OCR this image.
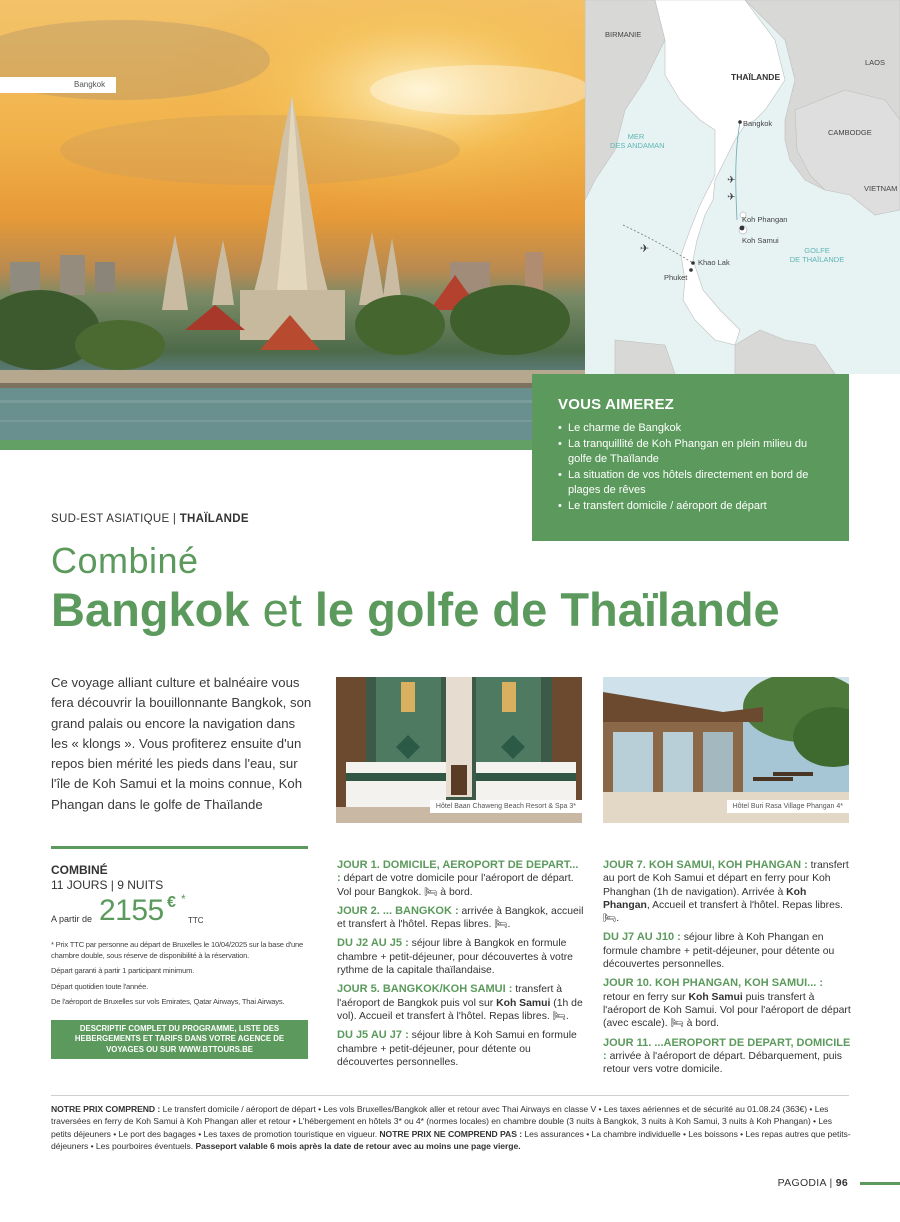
Bangkok
✈
✈
✈
BIRMANIE
THAÏLANDE
LAOS
CAMBODGE
VIETNAM
MER
DES ANDAMAN
GOLFE
DE THAÏLANDE
Bangkok
Koh Phangan
Koh Samui
Khao Lak
Phuket
VOUS AIMEREZ
• Le charme de Bangkok
• La tranquillité de Koh Phangan en plein milieu du golfe de Thaïlande
• La situation de vos hôtels directement en bord de plages de rêves
• Le transfert domicile / aéroport de départ
SUD-EST ASIATIQUE | THAÏLANDE
Combiné
Bangkok et le golfe de Thaïlande
Ce voyage alliant culture et balnéaire vous fera découvrir la bouillonnante Bangkok, son grand palais ou encore la navigation dans les « klongs ». Vous profiterez ensuite d'un repos bien mérité les pieds dans l'eau, sur l'île de Koh Samui et la moins connue, Koh Phangan dans le golfe de Thaïlande	Hôtel Baan Chaweng Beach Resort & Spa 3*	Hôtel Buri Rasa Village Phangan 4*
COMBINÉ
11 JOURS | 9 NUITS
A partir de 2155 € *
TTC
* Prix TTC par personne au départ de Bruxelles le 10/04/2025 sur la base d'une chambre double, sous réserve de disponibilité à la réservation.
Départ garanti à partir 1 participant minimum.
Départ quotidien toute l'année.
De l'aéroport de Bruxelles sur vols Emirates, Qatar Airways, Thai Airways.
DESCRIPTIF COMPLET DU PROGRAMME, LISTE DES HEBERGEMENTS ET TARIFS DANS VOTRE AGENCE DE VOYAGES OU SUR WWW.BTTOURS.BE

JOUR 1. DOMICILE, AEROPORT DE DEPART... : départ de votre domicile pour l'aéroport de départ. Vol pour Bangkok. 🛏 à bord.

JOUR 2. ... BANGKOK : arrivée à Bangkok, accueil et transfert à l'hôtel. Repas libres. 🛏.

DU J2 AU J5 : séjour libre à Bangkok en formule chambre + petit-déjeuner, pour découvertes à votre rythme de la capitale thaïlandaise.

JOUR 5. BANGKOK/KOH SAMUI : transfert à l'aéroport de Bangkok puis vol sur Koh Samui (1h de vol). Accueil et transfert à l'hôtel. Repas libres. 🛏.

DU J5 AU J7 : séjour libre à Koh Samui en formule chambre + petit-déjeuner, pour détente ou découvertes personnelles.

JOUR 7. KOH SAMUI, KOH PHANGAN : transfert au port de Koh Samui et départ en ferry pour Koh Phanghan (1h de navigation). Arrivée à Koh Phangan, Accueil et transfert à l'hôtel. Repas libres. 🛏.

DU J7 AU J10 : séjour libre à Koh Phangan en formule chambre + petit-déjeuner, pour détente ou découvertes personnelles.

JOUR 10. KOH PHANGAN, KOH SAMUI... : retour en ferry sur Koh Samui puis transfert à l'aéroport de Koh Samui. Vol pour l'aéroport de départ (avec escale). 🛏 à bord.

JOUR 11. ...AEROPORT DE DEPART, DOMICILE : arrivée à l'aéroport de départ. Débarquement, puis retour vers votre domicile.

NOTRE PRIX COMPREND : Le transfert domicile / aéroport de départ • Les vols Bruxelles/Bangkok aller et retour avec Thai Airways en classe V • Les taxes aériennes et de sécurité au 01.08.24 (363€) • Les traversées en ferry de Koh Samui à Koh Phangan aller et retour • L'hébergement en hôtels 3* ou 4* (normes locales) en chambre double (3 nuits à Bangkok, 3 nuits à Koh Samui, 3 nuits à Koh Phangan) • Les petits déjeuners • Le port des bagages • Les taxes de promotion touristique en vigueur. NOTRE PRIX NE COMPREND PAS : Les assurances • La chambre individuelle • Les boissons • Les repas autres que petits-déjeuners • Les pourboires éventuels. Passeport valable 6 mois après la date de retour avec au moins une page vierge.
PAGODIA | 96
